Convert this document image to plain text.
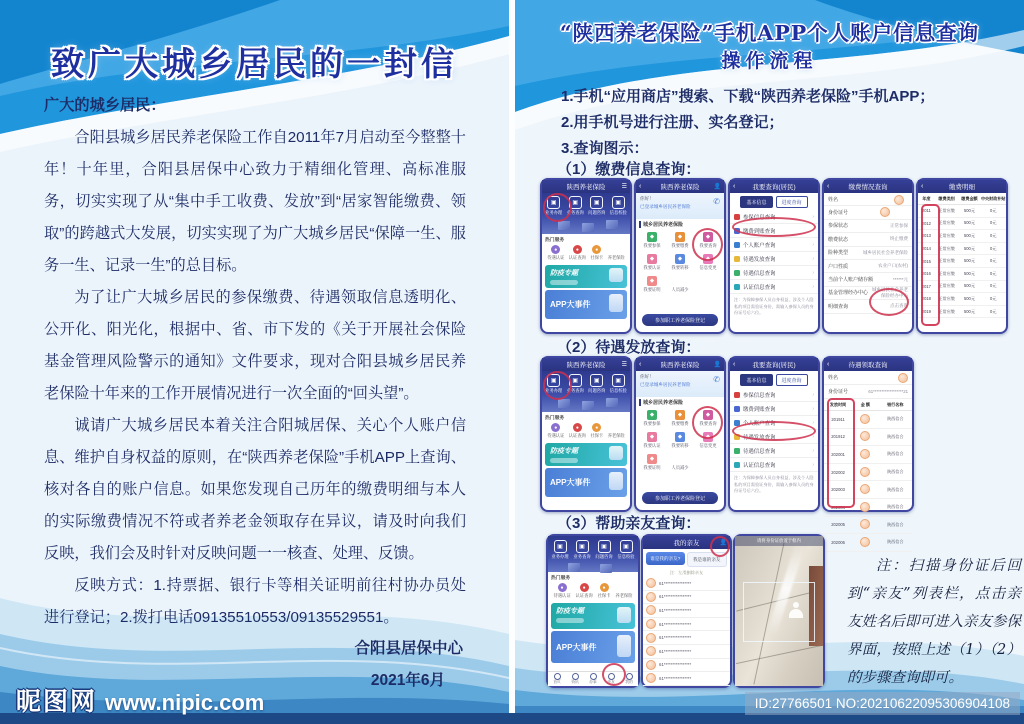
致广大城乡居民的一封信

广大的城乡居民：

合阳县城乡居民养老保险工作自2011年7月启动至今整整十年！十年里，合阳县居保中心致力于精细化管理、高标准服务，切实实现了从“集中手工收费、发放”到“居家智能缴费、领取”的跨越式大发展，切实实现了为广大城乡居民“保障一生、服务一生、记录一生”的总目标。

为了让广大城乡居民的参保缴费、待遇领取信息透明化、公开化、阳光化，根据中、省、市下发的《关于开展社会保险基金管理风险警示的通知》文件要求，现对合阳县城乡居民养老保险十年来的工作开展情况进行一次全面的“回头望”。

诚请广大城乡居民本着关注合阳城居保、关心个人账户信息、维护自身权益的原则，在“陕西养老保险”手机APP上查询、核对各自的账户信息。如果您发现自己历年的缴费明细与本人的实际缴费情况不符或者养老金领取存在异议，请及时向我们反映，我们会及时针对反映问题一一核查、处理、反馈。

反映方式：1.持票据、银行卡等相关证明前往村协办员处进行登记；2.拨打电话09135510553/09135529551。

合阳县居保中心
2021年6月
“陕西养老保险”手机APP个人账户信息查询
操作流程

1.手机“应用商店”搜索、下载“陕西养老保险”手机APP；

2.用手机号进行注册、实名登记；

3.查询图示：

（1）缴费信息查询：
（2）待遇发放查询：
（3）帮助亲友查询：
陕西养老保险	☰
▣
业务办理
▣
业务查询
▣
问题咨询
▣
信息校验
热门服务
●
待遇认证
●
认证查询
●
社保卡
●
养老保险
防疫专题
APP大事件
‹	陕西养老保险 👤
你好！
已登录城乡居民养老保险
✆
城乡居民养老保险
◆
我要参保
◆
我要缴费
◆
我要查询
◆
我要认证
◆
我要转移
◆
信息变更
◆
我要证明
◆
人员减少
参加职工养老保险登记
‹	我要查询(居民)
基本信息	进度查询
参保信息查询	›
缴费到账查询	›
个人账户查询	›
待遇发放查询	›
待遇信息查询	›
认证信息查询	›
注：为保障参保人员自身权益，涉及个人隐私的项目需验证身份，需输入参保人员的身份证号后六位。
‹	缴费情况查询
姓名
身份证号
参保状态	正常参保
缴费状态	终止缴费
险种类型	城乡居民社会养老保险
户口性质	农业户口(农村)
当前个人账户储存额	******元
基金管理经办中心
城乡居民社会养老保险经办中心
明细查询	点击查询
‹	缴费明细
年度	缴费类别	缴费金额	中央财政补贴
2011	正常应缴	500元	0元
2012	正常应缴	500元	0元
2013	正常应缴	500元	0元
2014	正常应缴	500元	0元
2015	正常应缴	500元	0元
2016	正常应缴	500元	0元
2017	正常应缴	500元	0元
2018	正常应缴	500元	0元
2019	正常应缴	500元	0元
陕西养老保险	☰
▣
业务办理
▣
业务查询
▣
问题咨询
▣
信息校验
热门服务
●
待遇认证
●
认证查询
●
社保卡
●
养老保险
防疫专题
APP大事件
‹	陕西养老保险 👤
你好！
已登录城乡居民养老保险
✆
城乡居民养老保险
◆
我要参保
◆
我要缴费
◆
我要查询
◆
我要认证
◆
我要转移
◆
信息变更
◆
我要证明
◆
人员减少
参加职工养老保险登记
‹	我要查询(居民)
基本信息	进度查询
参保信息查询	›
缴费到账查询	›
个人账户查询	›
待遇发放查询	›
待遇信息查询	›
认证信息查询	›
注：为保障参保人员自身权益，涉及个人隐私的项目需验证身份，需输入参保人员的身份证号后六位。
‹	待遇领取查询
姓名
身份证号	61******************21
发放时间	金 额	银行名称
201911		陕西信合
201912		陕西信合
202001		陕西信合
202002		陕西信合
202003		陕西信合
202004		陕西信合
202005		陕西信合
202006		陕西信合
▣
业务办理
▣
业务查询
▣
问题咨询
▣
信息校验
热门服务
●
待遇认证
●
认证查询
●
社保卡
●
养老保险
防疫专题
APP大事件
首页	资讯	办事	亲友	我的
我的亲友	👤
谁是我的亲友?	我是谁的亲友
注：左滑删除亲友
61****************
61****************
61****************
61****************
61****************
61****************
61****************
61****************
请将身份证放置于框内
注：扫描身份证后回到“亲友”列表栏，点击亲友姓名后即可进入亲友参保界面，按照上述（1）（2）的步骤查询即可。
昵图网 www.nipic.com	ID:27766501 NO:20210622095306904108
